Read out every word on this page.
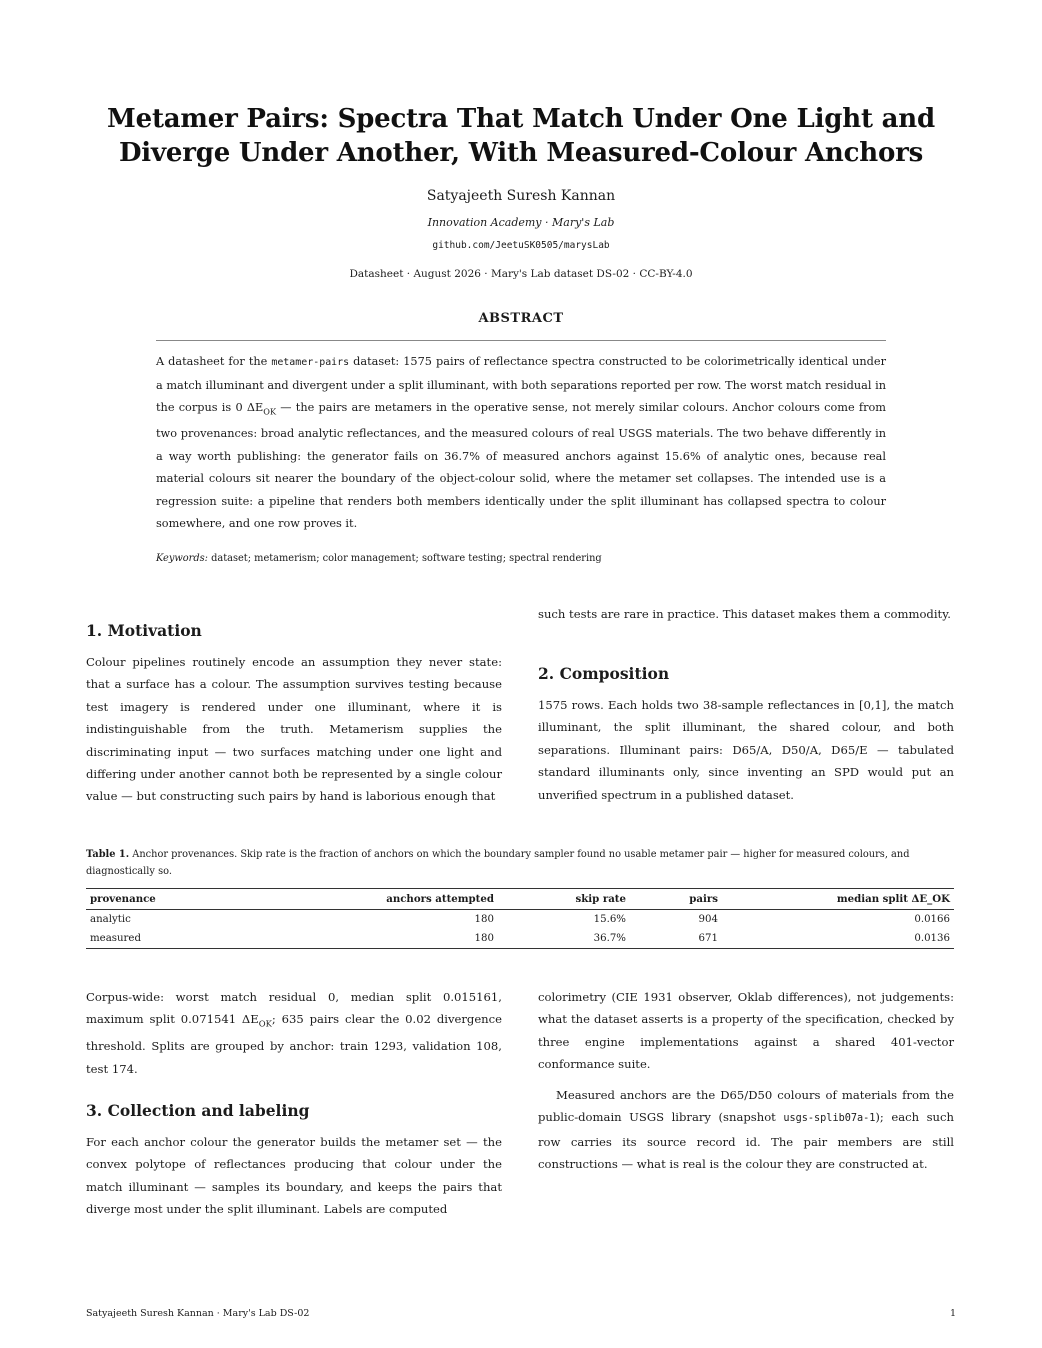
Metamer Pairs: Spectra That Match Under One Light and
Diverge Under Another, With Measured-Colour Anchors
Satyajeeth Suresh Kannan
Innovation Academy · Mary's Lab
github.com/JeetuSK0505/marysLab
Datasheet · August 2026 · Mary's Lab dataset DS-02 · CC-BY-4.0
ABSTRACT
A datasheet for the metamer-pairs dataset: 1575 pairs of reflectance spectra constructed to be colorimetrically identical under a match illuminant and divergent under a split illuminant, with both separations reported per row. The worst match residual in the corpus is 0 $\Delta E_{OK}$ — the pairs are metamers in the operative sense, not merely similar colours. Anchor colours come from two provenances: broad analytic reflectances, and the measured colours of real USGS materials. The two behave differently in a way worth publishing: the generator fails on 36.7% of measured anchors against 15.6% of analytic ones, because real material colours sit nearer the boundary of the object-colour solid, where the metamer set collapses. The intended use is a regression suite: a pipeline that renders both members identically under the split illuminant has collapsed spectra to colour somewhere, and one row proves it.
Keywords: dataset; metamerism; color management; software testing; spectral rendering
1. Motivation

Colour pipelines routinely encode an assumption they never state: that a surface has a colour. The assumption survives testing because test imagery is rendered under one illuminant, where it is indistinguishable from the truth. Metamerism supplies the discriminating input — two surfaces matching under one light and differing under another cannot both be represented by a single colour value — but constructing such pairs by hand is laborious enough that

2. Composition

1575 rows. Each holds two 38-sample reflectances in [0,1], the match illuminant, the split illuminant, the shared colour, and both separations. Illuminant pairs: D65/A, D50/A, D65/E — tabulated standard illuminants only, since inventing an SPD would put an unverified spectrum in a published dataset.

Table 1. Anchor provenances. Skip rate is the fraction of anchors on which the boundary sampler found no usable metamer pair — higher for measured colours, and diagnostically so.
provenance	anchors attempted	skip rate	pairs	median split ΔE_OK
analytic	180	15.6%	904	0.0166
measured	180	36.7%	671	0.0136

Corpus-wide: worst match residual 0, median split 0.015161, maximum split 0.071541 $\Delta E_{OK}$; 635 pairs clear the 0.02 divergence threshold. Splits are grouped by anchor: train 1293, validation 108, test 174.

3. Collection and labeling

For each anchor colour the generator builds the metamer set — the convex polytope of reflectances producing that colour under the match illuminant — samples its boundary, and keeps the pairs that diverge most under the split illuminant. Labels are computed

Measured anchors are the D65/D50 colours of materials from the public-domain USGS library (snapshot usgs-splib07a-1); each such row carries its source record id. The pair members are still constructions — what is real is the colour they are constructed at.

Satyajeeth Suresh Kannan · Mary's Lab DS-02	1

such tests are rare in practice. This dataset makes them a commodity.

colorimetry (CIE 1931 observer, Oklab differences), not judgements: what the dataset asserts is a property of the specification, checked by three engine implementations against a shared 401-vector conformance suite.
